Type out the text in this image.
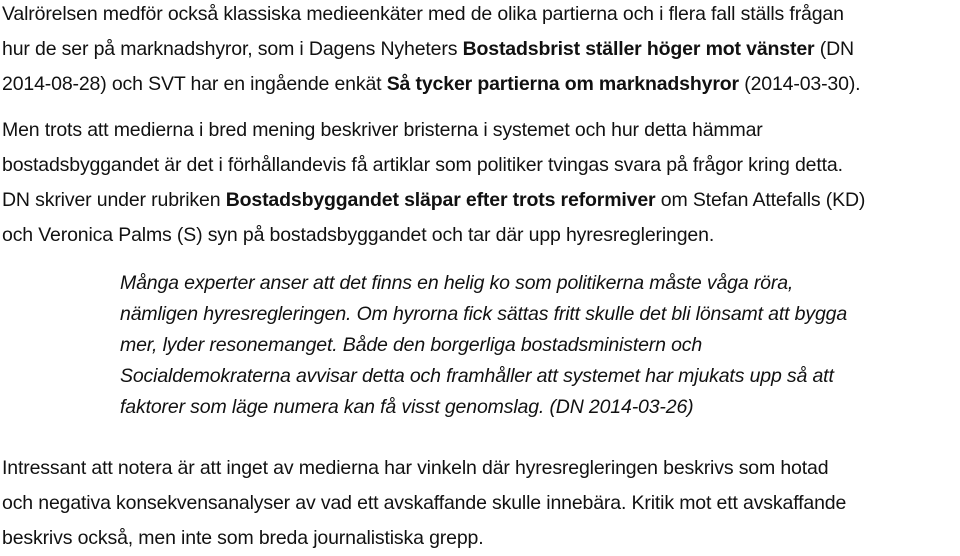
Valrörelsen medför också klassiska medieenkäter med de olika partierna och i flera fall ställs frågan
hur de ser på marknadshyror, som i Dagens Nyheters Bostadsbrist ställer höger mot vänster (DN
2014-08-28) och SVT har en ingående enkät Så tycker partierna om marknadshyror (2014-03-30).
Men trots att medierna i bred mening beskriver bristerna i systemet och hur detta hämmar
bostadsbyggandet är det i förhållandevis få artiklar som politiker tvingas svara på frågor kring detta.
DN skriver under rubriken Bostadsbyggandet släpar efter trots reformiver om Stefan Attefalls (KD)
och Veronica Palms (S) syn på bostadsbyggandet och tar där upp hyresregleringen.
Många experter anser att det finns en helig ko som politikerna måste våga röra,
nämligen hyresregleringen. Om hyrorna fick sättas fritt skulle det bli lönsamt att bygga
mer, lyder resonemanget. Både den borgerliga bostadsministern och
Socialdemokraterna avvisar detta och framhåller att systemet har mjukats upp så att
faktorer som läge numera kan få visst genomslag. (DN 2014-03-26)
Intressant att notera är att inget av medierna har vinkeln där hyresregleringen beskrivs som hotad
och negativa konsekvensanalyser av vad ett avskaffande skulle innebära. Kritik mot ett avskaffande
beskrivs också, men inte som breda journalistiska grepp.
